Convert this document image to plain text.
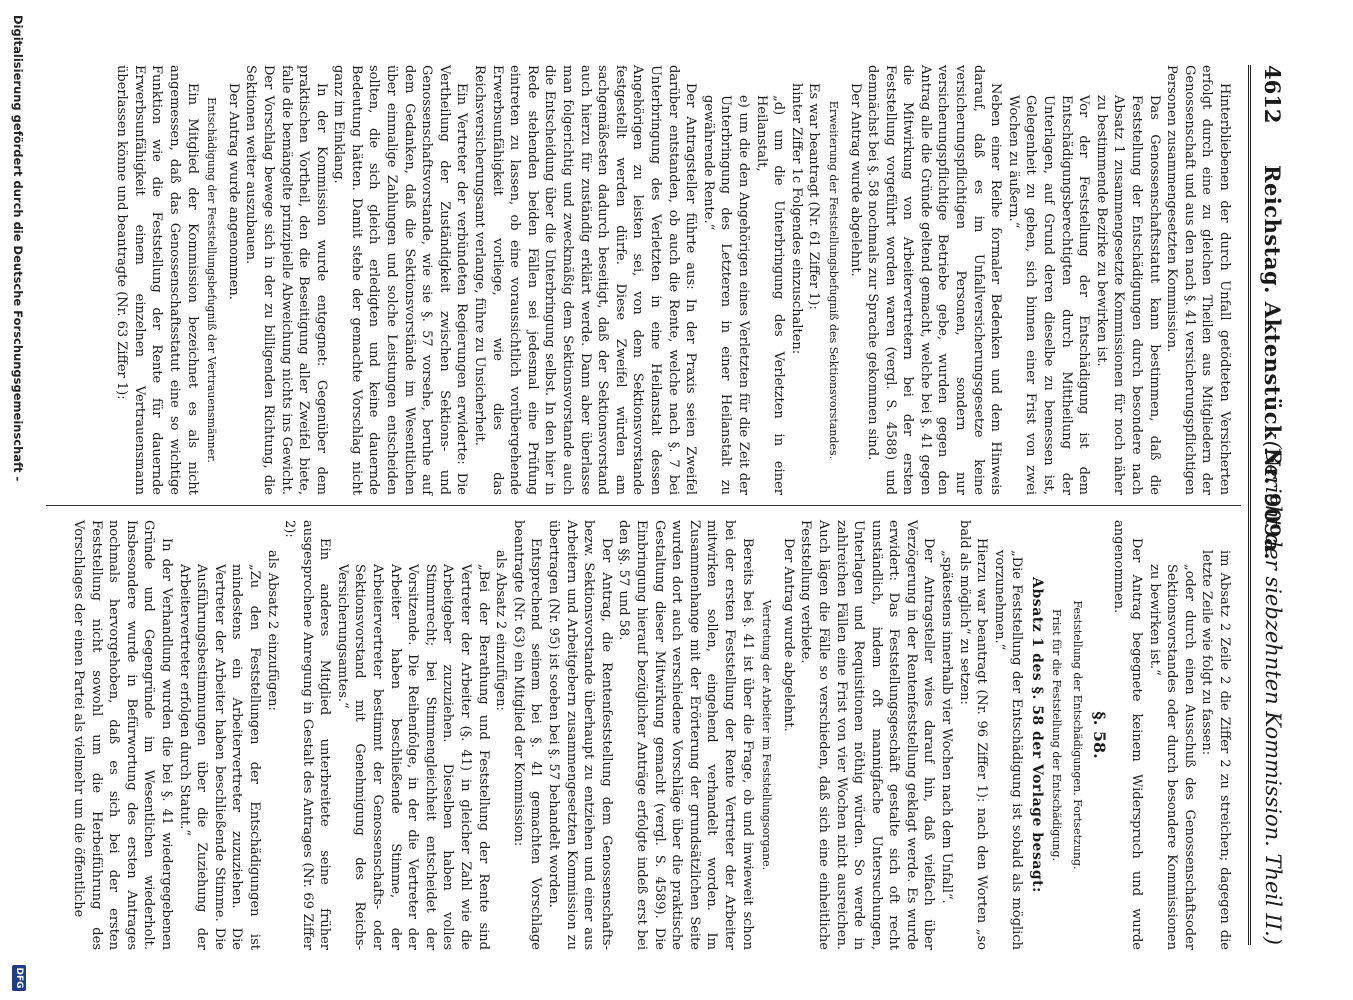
4612
Reichstag. Aktenstück Nr. 909a.
(Bericht der siebzehnten Kommission. Theil II.)

Hinterbliebenen der durch Unfall getödteten Versicherten erfolgt durch eine zu gleichen Theilen aus Mitgliedern der Genossenschaft und aus den nach §. 41 versicherungspflichtigen Personen zusammengesetzten Kommission.

Das Genossenschaftsstatut kann bestimmen, daß die Feststellung der Entschädigungen durch besondere nach Absatz 1 zusammengesetzte Kommissionen für noch näher zu bestimmende Bezirke zu bewirken ist.

Vor der Feststellung der Entschädigung ist dem Entschädigungsberechtigten durch Mittheilung der Unterlagen, auf Grund deren dieselbe zu bemessen ist, Gelegenheit zu geben, sich binnen einer Frist von zwei Wochen zu äußern.“

Neben einer Reihe formaler Bedenken und dem Hinweis darauf, daß es im Unfallversicherungsgesetze keine versicherungspflichtigen Personen, sondern nur versicherungspflichtige Betriebe gebe, wurden gegen den Antrag alle die Gründe geltend gemacht, welche bei §. 41 gegen die Mitwirkung von Arbeitervertretern bei der ersten Feststellung vorgeführt worden waren (vergl. S. 4588) und demnächst bei §. 58 nochmals zur Sprache gekommen sind.

Der Antrag wurde abgelehnt.

Erweiterung der Feststellungsbefugniß des Sektionsvorstandes.

Es war beantragt (Nr. 61 Ziffer 1):

hinter Ziffer 1c Folgendes einzuschalten:

„d) um die Unterbringung des Verletzten in einer Heilanstalt,

e) um die den Angehörigen eines Verletzten für die Zeit der Unterbringung des Letzteren in einer Heilanstalt zu gewährende Rente.“

Der Antragsteller führte aus: In der Praxis seien Zweifel darüber entstanden, ob auch die Rente, welche nach §. 7 bei Unterbringung des Verletzten in eine Heilanstalt dessen Angehörigen zu leisten sei, von dem Sektionsvorstande festgestellt werden dürfe. Diese Zweifel würden am sachgemäßesten dadurch beseitigt, daß der Sektionsvorstand auch hierzu für zuständig erklärt werde. Dann aber überlasse man folgerichtig und zweckmäßig dem Sektionsvorstande auch die Entscheidung über die Unterbringung selbst. In den hier in Rede stehenden beiden Fällen sei jedesmal eine Prüfung eintreten zu lassen, ob eine voraussichtlich vorübergehende Erwerbsunfähigkeit vorliege, wie dies das Reichsversicherungsamt verlange, führe zu Unsicherheit.

Ein Vertreter der verbündeten Regierungen erwiderte: Die Vertheilung der Zuständigkeit zwischen Sektions- und Genossenschaftsvorstande, wie sie §. 57 vorsehe, beruhe auf dem Gedanken, daß die Sektionsvorstände im Wesentlichen über einmalige Zahlungen und solche Leistungen entscheiden sollten, die sich gleich erledigten und keine dauernde Bedeutung hätten. Damit stehe der gemachte Vorschlag nicht ganz im Einklang.

In der Kommission wurde entgegnet: Gegenüber dem praktischen Vortheil, den die Beseitigung aller Zweifel biete, falle die bemängelte prinzipielle Abweichung nichts ins Gewicht. Der Vorschlag bewege sich in der zu billigenden Richtung, die Sektionen weiter auszubauen.

Der Antrag wurde angenommen.

Entschädigung der Feststellungsbefugniß der Vertrauensmänner.

Ein Mitglied der Kommission bezeichnet es als nicht angemessen, daß das Genossenschaftsstatut eine so wichtige Funktion wie die Feststellung der Rente für dauernde Erwerbsunfähigkeit einem einzelnen Vertrauensmann überlassen könne und beantragte (Nr. 63 Ziffer 1):

im Absatz 2 Zeile 2 die Ziffer 2 zu streichen; dagegen die letzte Zeile wie folgt zu fassen:

„oder durch einen Ausschuß des Genossenschaftsoder Sektionsvorstandes oder durch besondere Kommissionen zu bewirken ist.“

Der Antrag begegnete keinem Widerspruch und wurde angenommen.

§. 58.

Feststellung der Entschädigungen. Fortsetzung.

Frist für die Feststellung der Entschädigung.

Absatz 1 des §. 58 der Vorlage besagt:

„Die Feststellung der Entschädigung ist sobald als möglich vorzunehmen.“

Hierzu war beantragt (Nr. 96 Ziffer 1): nach den Worten „so bald als möglich“ zu setzen:

„spätestens innerhalb vier Wochen nach dem Unfall“.

Der Antragsteller wies darauf hin, daß vielfach über Verzögerung in der Rentenfeststellung geklagt werde. Es wurde erwidert: Das Feststellungsgeschäft gestalte sich oft recht umständlich, indem oft mannigfache Untersuchungen, Unterlagen und Requisitionen nöthig würden. So werde in zahlreichen Fällen eine Frist von vier Wochen nicht ausreichen. Auch lägen die Fälle so verschieden, daß sich eine einheitliche Feststellung verbiete.

Der Antrag wurde abgelehnt.

Vertretung der Arbeiter im Feststellungsorgane.

Bereits bei §. 41 ist über die Frage, ob und inwieweit schon bei der ersten Feststellung der Rente Vertreter der Arbeiter mitwirken sollen, eingehend verhandelt worden. Im Zusammenhange mit der Erörterung der grundsätzlichen Seite wurden dort auch verschiedene Vorschläge über die praktische Gestaltung dieser Mitwirkung gemacht (vergl. S. 4589). Die Einbringung hierauf bezüglicher Anträge erfolgte indeß erst bei den §§. 57 und 58.

Der Antrag, die Rentenfeststellung dem Genossenschafts- bezw. Sektionsvorstande überhaupt zu entziehen und einer aus Arbeitern und Arbeitgebern zusammengesetzten Kommission zu übertragen (Nr. 95) ist soeben bei §. 57 behandelt worden.

Entsprechend seinem bei §. 41 gemachten Vorschlage beantragte (Nr. 63) ein Mitglied der Kommission:

als Absatz 2 einzufügen:

„Bei der Berathung und Feststellung der Rente sind Vertreter der Arbeiter (§. 41) in gleicher Zahl wie die Arbeitgeber zuzuziehen. Dieselben haben volles Stimmrecht; bei Stimmengleichheit entscheidet der Vorsitzende. Die Reihenfolge, in der die Vertreter der Arbeiter haben beschließende Stimme, der Arbeitervertreter bestimmt der Genossenschafts- oder Sektionsvorstand mit Genehmigung des Reichs-Versicherungsamtes.“

Ein anderes Mitglied unterbreitete seine früher ausgesprochene Anregung in Gestalt des Antrages (Nr. 69 Ziffer 2):

als Absatz 2 einzufügen:

„Zu den Feststellungen der Entschädigungen ist mindestens ein Arbeitervertreter zuzuziehen. Die Vertreter der Arbeiter haben beschließende Stimme. Die Ausführungsbestimmungen über die Zuziehung der Arbeitervertreter erfolgen durch Statut.“

In der Verhandlung wurden die bei §. 41 wiedergegebenen Gründe und Gegengründe im Wesentlichen wiederholt. Insbesondere wurde in Befürwortung des ersten Antrages nochmals hervorgehoben, daß es sich bei der ersten Feststellung nicht sowohl um die Herbeiführung des Vorschlages der einen Partei als vielmehr um die öffentliche

Digitalisierung gefördert durch die Deutsche Forschungsgemeinschaft -
DFG
